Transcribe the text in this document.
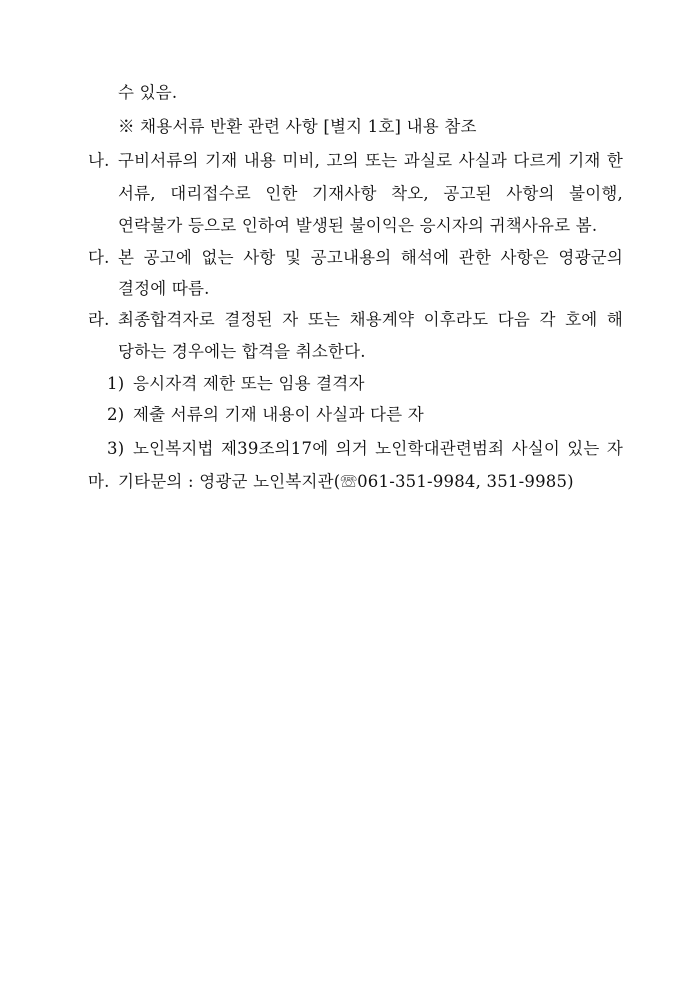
수 있음.
※ 채용서류 반환 관련 사항 [별지 1호] 내용 참조
나. 구비서류의 기재 내용 미비, 고의 또는 과실로 사실과 다르게 기재 한
서류, 대리접수로 인한 기재사항 착오, 공고된 사항의 불이행,
연락불가 등으로 인하여 발생된 불이익은 응시자의 귀책사유로 봄.
다. 본 공고에 없는 사항 및 공고내용의 해석에 관한 사항은 영광군의
결정에 따름.
라. 최종합격자로 결정된 자 또는 채용계약 이후라도 다음 각 호에 해
당하는 경우에는 합격을 취소한다.
1) 응시자격 제한 또는 임용 결격자
2) 제출 서류의 기재 내용이 사실과 다른 자
3) 노인복지법 제39조의17에 의거 노인학대관련범죄 사실이 있는 자
마. 기타문의 : 영광군 노인복지관(☏061-351-9984, 351-9985)
